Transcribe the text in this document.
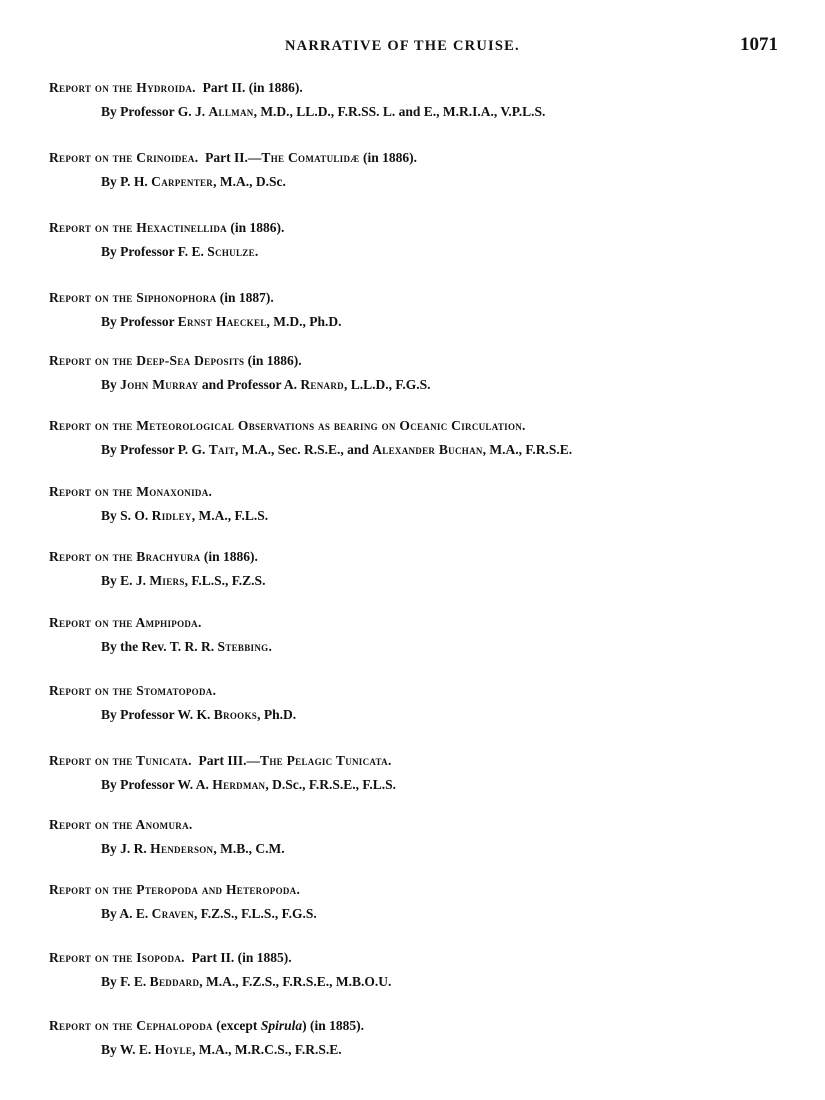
NARRATIVE OF THE CRUISE.	1071
Report on the Hydroida. Part II. (in 1886).
By Professor G. J. Allman, M.D., LL.D., F.R.SS. L. and E., M.R.I.A., V.P.L.S.
Report on the Crinoidea. Part II.—The Comatulidæ (in 1886).
By P. H. Carpenter, M.A., D.Sc.
Report on the Hexactinellida (in 1886).
By Professor F. E. Schulze.
Report on the Siphonophora (in 1887).
By Professor Ernst Haeckel, M.D., Ph.D.
Report on the Deep-Sea Deposits (in 1886).
By John Murray and Professor A. Renard, L.L.D., F.G.S.
Report on the Meteorological Observations as bearing on Oceanic Circulation.
By Professor P. G. Tait, M.A., Sec. R.S.E., and Alexander Buchan, M.A., F.R.S.E.
Report on the Monaxonida.
By S. O. Ridley, M.A., F.L.S.
Report on the Brachyura (in 1886).
By E. J. Miers, F.L.S., F.Z.S.
Report on the Amphipoda.
By the Rev. T. R. R. Stebbing.
Report on the Stomatopoda.
By Professor W. K. Brooks, Ph.D.
Report on the Tunicata. Part III.—The Pelagic Tunicata.
By Professor W. A. Herdman, D.Sc., F.R.S.E., F.L.S.
Report on the Anomura.
By J. R. Henderson, M.B., C.M.
Report on the Pteropoda and Heteropoda.
By A. E. Craven, F.Z.S., F.L.S., F.G.S.
Report on the Isopoda. Part II. (in 1885).
By F. E. Beddard, M.A., F.Z.S., F.R.S.E., M.B.O.U.
Report on the Cephalopoda (except Spirula) (in 1885).
By W. E. Hoyle, M.A., M.R.C.S., F.R.S.E.
